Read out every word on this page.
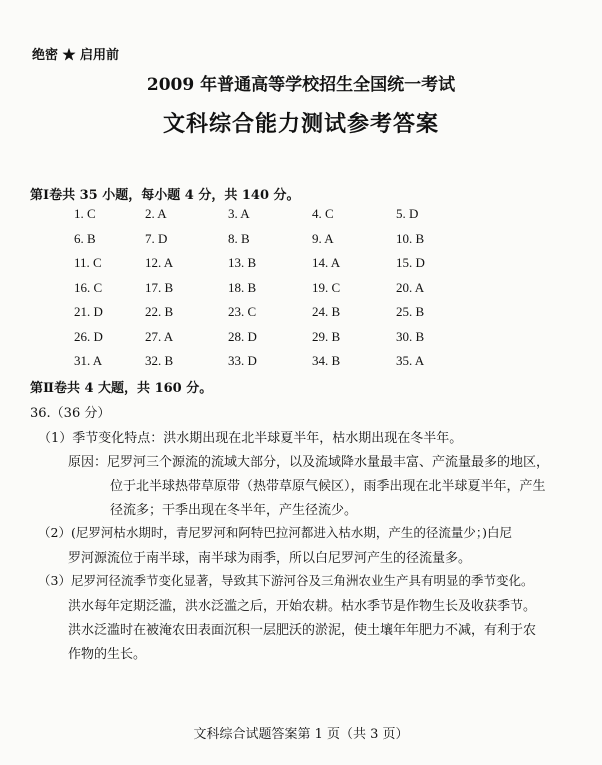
绝密 ★ 启用前
2009 年普通高等学校招生全国统一考试
文科综合能力测试参考答案
第Ⅰ卷共 35 小题，每小题 4 分，共 140 分。
1. C	2. A	3. A	4. C	5. D
6. B	7. D	8. B	9. A	10. B
11. C	12. A	13. B	14. A	15. D
16. C	17. B	18. B	19. C	20. A
21. D	22. B	23. C	24. B	25. B
26. D	27. A	28. D	29. B	30. B
31. A	32. B	33. D	34. B	35. A
第Ⅱ卷共 4 大题，共 160 分。
36.（36 分）
（1）季节变化特点：洪水期出现在北半球夏半年，枯水期出现在冬半年。
原因：尼罗河三个源流的流域大部分，以及流域降水量最丰富、产流量最多的地区，
位于北半球热带草原带（热带草原气候区），雨季出现在北半球夏半年，产生
径流多；干季出现在冬半年，产生径流少。
（2）(尼罗河枯水期时，青尼罗河和阿特巴拉河都进入枯水期，产生的径流量少；)白尼
罗河源流位于南半球，南半球为雨季，所以白尼罗河产生的径流量多。
（3）尼罗河径流季节变化显著，导致其下游河谷及三角洲农业生产具有明显的季节变化。
洪水每年定期泛滥，洪水泛滥之后，开始农耕。枯水季节是作物生长及收获季节。
洪水泛滥时在被淹农田表面沉积一层肥沃的淤泥，使土壤年年肥力不减，有利于农
作物的生长。
文科综合试题答案第 1 页（共 3 页）
